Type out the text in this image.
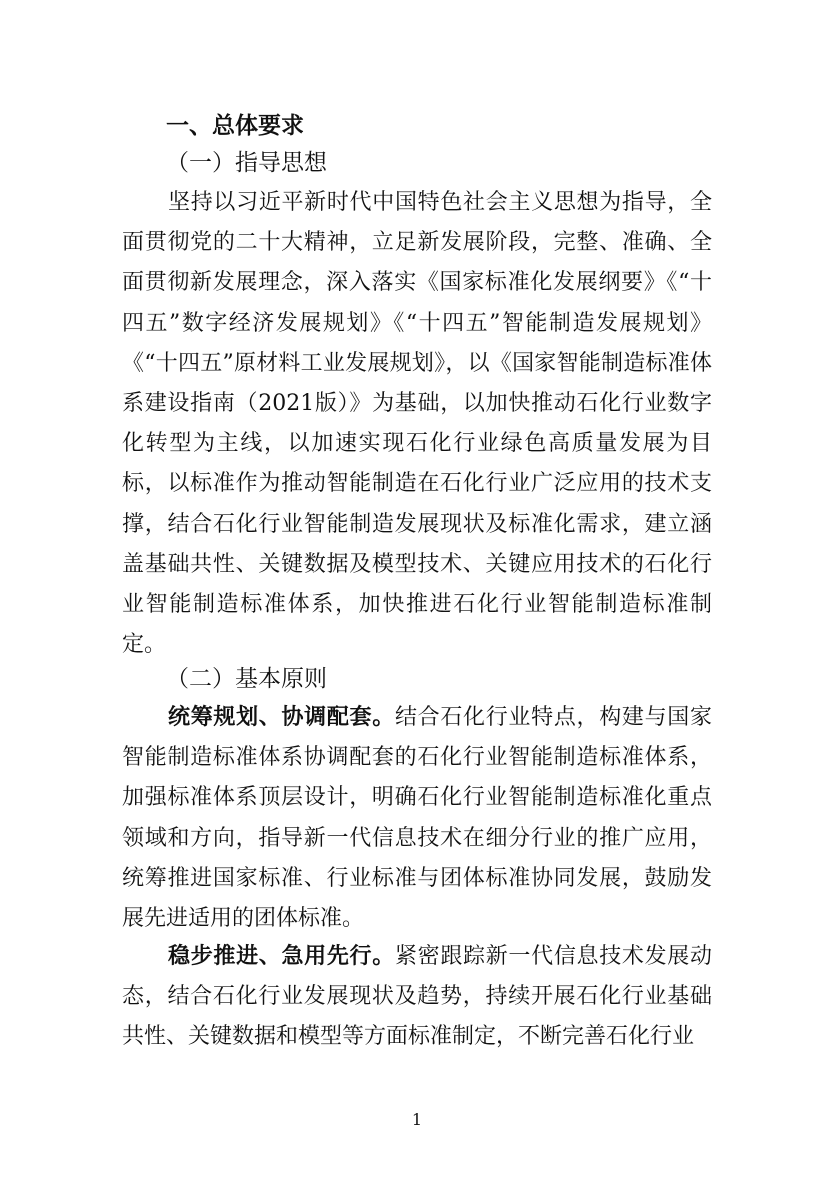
一、总体要求
（一）指导思想

坚持以习近平新时代中国特色社会主义思想为指导，全面贯彻党的二十大精神，立足新发展阶段，完整、准确、全面贯彻新发展理念，深入落实《国家标准化发展纲要》《“十四五”数字经济发展规划》《“十四五”智能制造发展规划》《“十四五”原材料工业发展规划》，以《国家智能制造标准体系建设指南（2021版）》为基础，以加快推动石化行业数字化转型为主线，以加速实现石化行业绿色高质量发展为目标，以标准作为推动智能制造在石化行业广泛应用的技术支撑，结合石化行业智能制造发展现状及标准化需求，建立涵盖基础共性、关键数据及模型技术、关键应用技术的石化行业智能制造标准体系，加快推进石化行业智能制造标准制定。

（二）基本原则

统筹规划、协调配套。结合石化行业特点，构建与国家智能制造标准体系协调配套的石化行业智能制造标准体系，加强标准体系顶层设计，明确石化行业智能制造标准化重点领域和方向，指导新一代信息技术在细分行业的推广应用，统筹推进国家标准、行业标准与团体标准协同发展，鼓励发展先进适用的团体标准。

稳步推进、急用先行。紧密跟踪新一代信息技术发展动态，结合石化行业发展现状及趋势，持续开展石化行业基础共性、关键数据和模型等方面标准制定，不断完善石化行业

1
